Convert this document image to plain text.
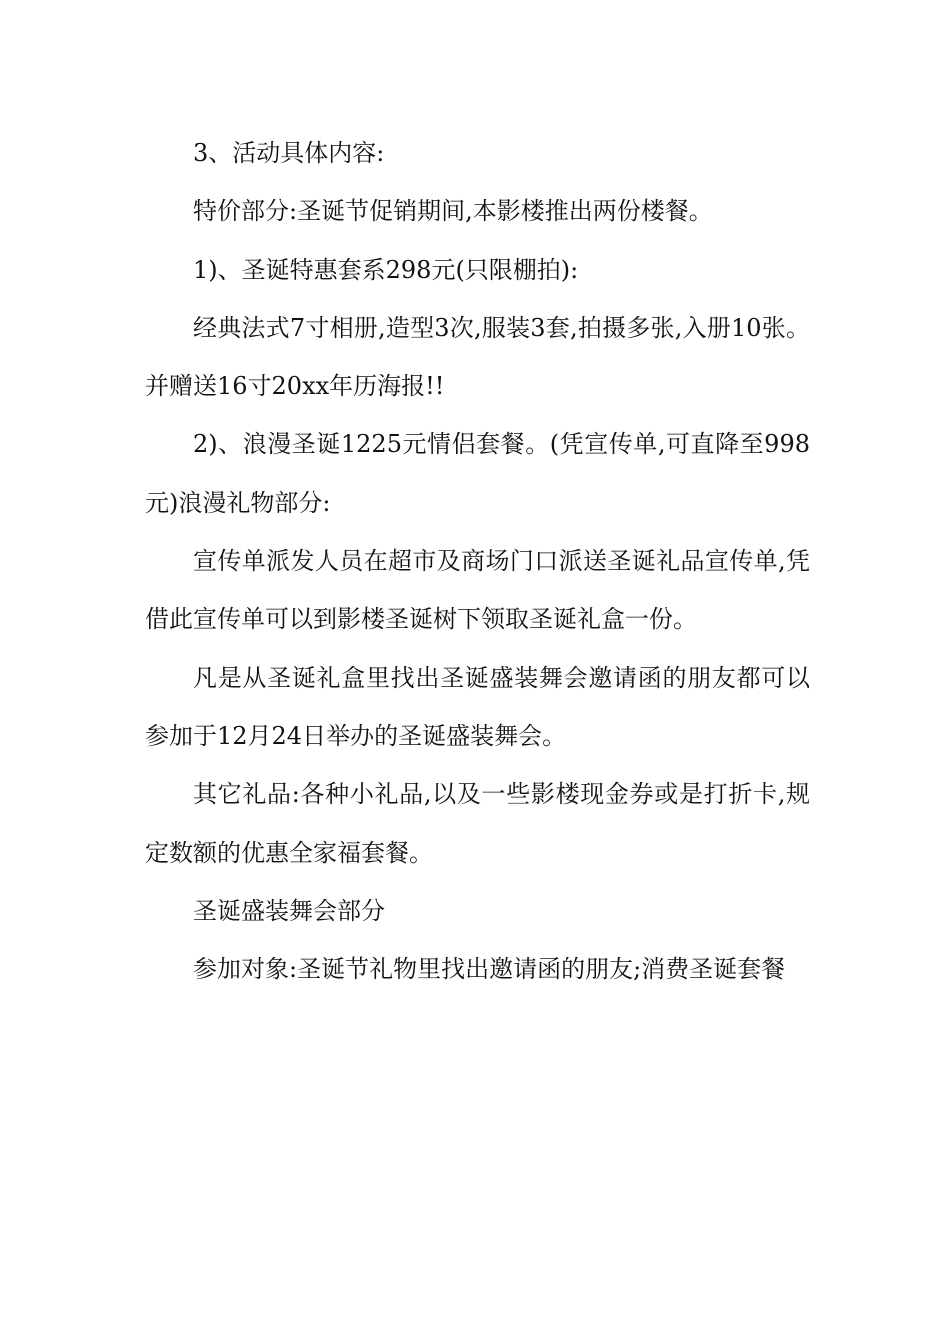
3、活动具体内容:

特价部分:圣诞节促销期间,本影楼推出两份楼餐。

1)、圣诞特惠套系298元(只限棚拍):

经典法式7寸相册,造型3次,服装3套,拍摄多张,入册10张。并赠送16寸20xx年历海报!!

2)、浪漫圣诞1225元情侣套餐。(凭宣传单,可直降至998元)浪漫礼物部分:

宣传单派发人员在超市及商场门口派送圣诞礼品宣传单,凭借此宣传单可以到影楼圣诞树下领取圣诞礼盒一份。

凡是从圣诞礼盒里找出圣诞盛装舞会邀请函的朋友都可以参加于12月24日举办的圣诞盛装舞会。

其它礼品:各种小礼品,以及一些影楼现金券或是打折卡,规定数额的优惠全家福套餐。

圣诞盛装舞会部分

参加对象:圣诞节礼物里找出邀请函的朋友;消费圣诞套餐
